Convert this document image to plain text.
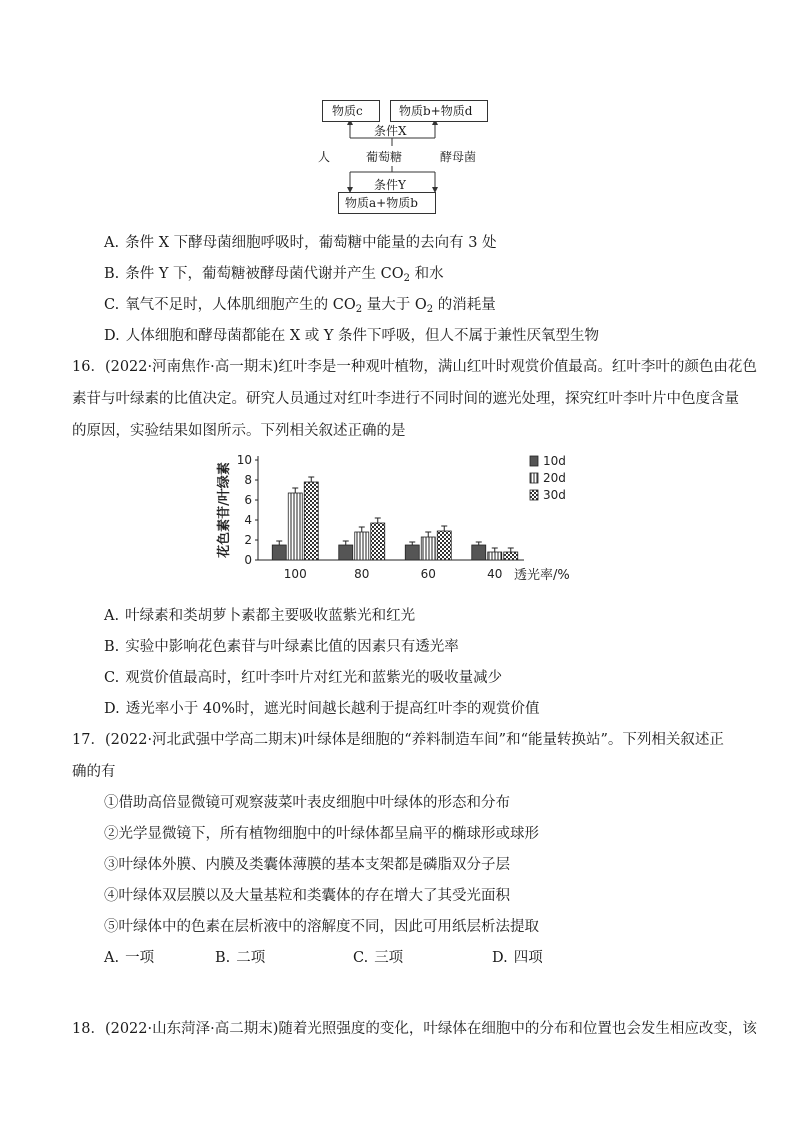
物质c	物质b+物质d
条件X
人	葡萄糖	酵母菌
条件Y
物质a+物质b
A. 条件 X 下酵母菌细胞呼吸时，葡萄糖中能量的去向有 3 处
B. 条件 Y 下，葡萄糖被酵母菌代谢并产生 $CO_2$ 和水
C. 氧气不足时，人体肌细胞产生的 $CO_2$ 量大于 $O_2$ 的消耗量
D. 人体细胞和酵母菌都能在 X 或 Y 条件下呼吸，但人不属于兼性厌氧型生物
16．(2022·河南焦作·高一期末)红叶李是一种观叶植物，满山红叶时观赏价值最高。红叶李叶的颜色由花色
素苷与叶绿素的比值决定。研究人员通过对红叶李进行不同时间的遮光处理，探究红叶李叶片中色度含量
的原因，实验结果如图所示。下列相关叙述正确的是
0
2
4
6
8
10
花色素苷/叶绿素
100	80	60	40 透光率/%
10d
20d
30d
A. 叶绿素和类胡萝卜素都主要吸收蓝紫光和红光
B. 实验中影响花色素苷与叶绿素比值的因素只有透光率
C. 观赏价值最高时，红叶李叶片对红光和蓝紫光的吸收量减少
D. 透光率小于 40%时，遮光时间越长越利于提高红叶李的观赏价值
17．(2022·河北武强中学高二期末)叶绿体是细胞的“养料制造车间”和“能量转换站”。下列相关叙述正
确的有
①借助高倍显微镜可观察菠菜叶表皮细胞中叶绿体的形态和分布
②光学显微镜下，所有植物细胞中的叶绿体都呈扁平的椭球形或球形
③叶绿体外膜、内膜及类囊体薄膜的基本支架都是磷脂双分子层
④叶绿体双层膜以及大量基粒和类囊体的存在增大了其受光面积
⑤叶绿体中的色素在层析液中的溶解度不同，因此可用纸层析法提取
A. 一项	B. 二项	C. 三项	D. 四项
18．(2022·山东菏泽·高二期末)随着光照强度的变化，叶绿体在细胞中的分布和位置也会发生相应改变，该
